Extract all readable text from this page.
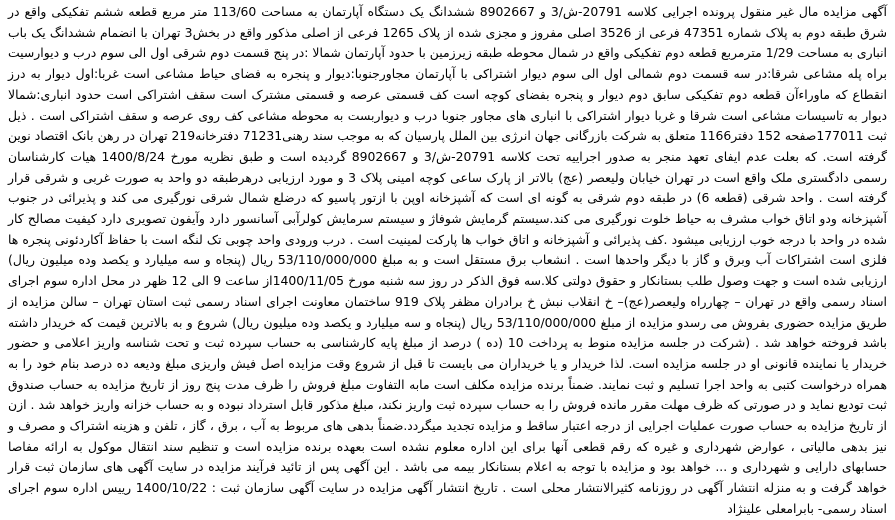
آگهی مزایده مال غیر منقول پرونده اجرایی کلاسه 20791-ش/3 و 8902667 ششدانگ یک دستگاه آپارتمان به مساحت 113/60 متر مربع قطعه ششم تفکیکی واقع در شرق طبقه دوم به پلاک شماره 47351 فرعی از 3526 اصلی مفروز و مجزی شده از پلاک 1265 فرعی از اصلی مذکور واقع در بخش3 تهران با انضمام ششدانگ یک باب انباری به مساحت 1/29 مترمربع قطعه دوم تفکیکی واقع در شمال محوطه طبقه زیرزمین با حدود آپارتمان شمالا :در پنج قسمت دوم شرقی اول الی سوم درب و دیوارسیت براه پله مشاعی شرقا:در سه قسمت دوم شمالی اول الی سوم دیوار اشتراکی با آپارتمان مجاورجنوبا:دیوار و پنجره به فضای حیاط مشاعی است غربا:اول دیوار به درز انقطاع که ماوراءآن قطعه دوم تفکیکی سابق دوم دیوار و پنجره بفضای کوچه است کف قسمتی عرصه و قسمتی مشترک است سقف اشتراکی است حدود انباری:شمالا دیوار به تاسیسات مشاعی است شرقا و غربا دیوار اشتراکی با انباری های مجاور جنوبا درب و دیواربست به محوطه مشاعی کف روی عرصه و سقف اشتراکی است . ذیل ثبت 177011صفحه 152 دفتر1166 متعلق به شرکت بازرگانی جهان انرژی بین الملل پارسیان که به موجب سند رهنی71231 دفترخانه219 تهران در رهن بانک اقتصاد نوین گرفته است. که بعلت عدم ایفای تعهد منجر به صدور اجراییه تحت کلاسه 20791-ش/3 و 8902667 گردیده است و طبق نظریه مورخ 1400/8/24 هیات کارشناسان رسمی دادگستری ملک واقع است در تهران خیابان ولیعصر (عج) بالاتر از پارک ساعی کوچه امینی پلاک 3 و مورد ارزیابی درهرطبقه دو واحد به صورت غربی و شرقی قرار گرفته است . واحد شرقی (قطعه 6) در طبقه دوم شرقی به گونه ای است که آشپزخانه اوپن با ازتور پاسیو که درضلع شمال شرقی نورگیری می کند و پذیرائی در جنوب آشپزخانه ودو اتاق خواب مشرف به حیاط خلوت نورگیری می کند.سیستم گرمایش شوفاژ و سیستم سرمایش کولرآبی آسانسور دارد وآیفون تصویری دارد کیفیت مصالح کار شده در واحد با درجه خوب ارزیابی میشود .کف پذیرائی و آشپزخانه و اتاق خواب ها پارکت لمینیت است . درب ورودی واحد چوبی تک لنگه است با حفاظ آکاردئونی پنجره ها فلزی است اشتراکات آب وبرق و گاز با دیگر واحدها است . انشعاب برق مستقل است و به مبلغ 53/110/000/000 ریال (پنجاه و سه میلیارد و یکصد وده میلیون ریال) ارزیابی شده است و جهت وصول طلب بستانکار و حقوق دولتی کلا.سه فوق الذکر در روز سه شنبه مورخ 1400/11/05از ساعت 9 الی 12 ظهر در محل اداره سوم اجرای اسناد رسمی واقع در تهران – چهارراه ولیعصر(عج)– خ انقلاب نبش خ برادران مظفر پلاک 919 ساختمان معاونت اجرای اسناد رسمی ثبت استان تهران – سالن مزایده از طریق مزایده حضوری بفروش می رسدو مزایده از مبلغ 53/110/000/000 ریال (پنجاه و سه میلیارد و یکصد وده میلیون ریال) شروع و به بالاترین قیمت که خریدار داشته باشد فروخته خواهد شد . (شرکت در جلسه مزایده منوط به پرداخت 10 (ده ) درصد از مبلغ پایه کارشناسی به حساب سپرده ثبت و تحت شناسه واریز اعلامی و حضور خریدار یا نماینده قانونی او در جلسه مزایده است. لذا خریدار و یا خریداران می بایست تا قبل از شروع وقت مزایده اصل فیش واریزی مبلغ ودیعه ده درصد بنام خود را به همراه درخواست کتبی به واحد اجرا تسلیم و ثبت نمایند. ضمناً برنده مزایده مکلف است مابه التفاوت مبلغ فروش را ظرف مدت پنج روز از تاریخ مزایده به حساب صندوق ثبت تودیع نماید و در صورتی که ظرف مهلت مقرر مانده فروش را به حساب سپرده ثبت واریز نکند، مبلغ مذکور قابل استرداد نبوده و به حساب خزانه واریز خواهد شد . ازن از تاریخ مزایده به حساب صورت عملیات اجرایی از درجه اعتبار ساقط و مزایده تجدید میگردد.ضمناً بدهی های مربوط به آب ، برق ، گاز ، تلفن و هزینه اشتراک و مصرف و نیز بدهی مالیاتی ، عوارض شهرداری و غیره که رقم قطعی آنها برای این اداره معلوم نشده است بعهده برنده مزایده است و تنظیم سند انتقال موکول به ارائه مفاصا حسابهای دارایی و شهرداری و ... خواهد بود و مزایده با توجه به اعلام بستانکار بیمه می باشد . این آگهی پس از تائید فرآیند مزایده در سایت آگهی های سازمان ثبت قرار خواهد گرفت و به منزله انتشار آگهی در روزنامه کثیرالانتشار محلی است . تاریخ انتشار آگهی مزایده در سایت آگهی سازمان ثبت : 1400/10/22 رییس اداره سوم اجرای اسناد رسمی- بابرامعلی علینژاد
